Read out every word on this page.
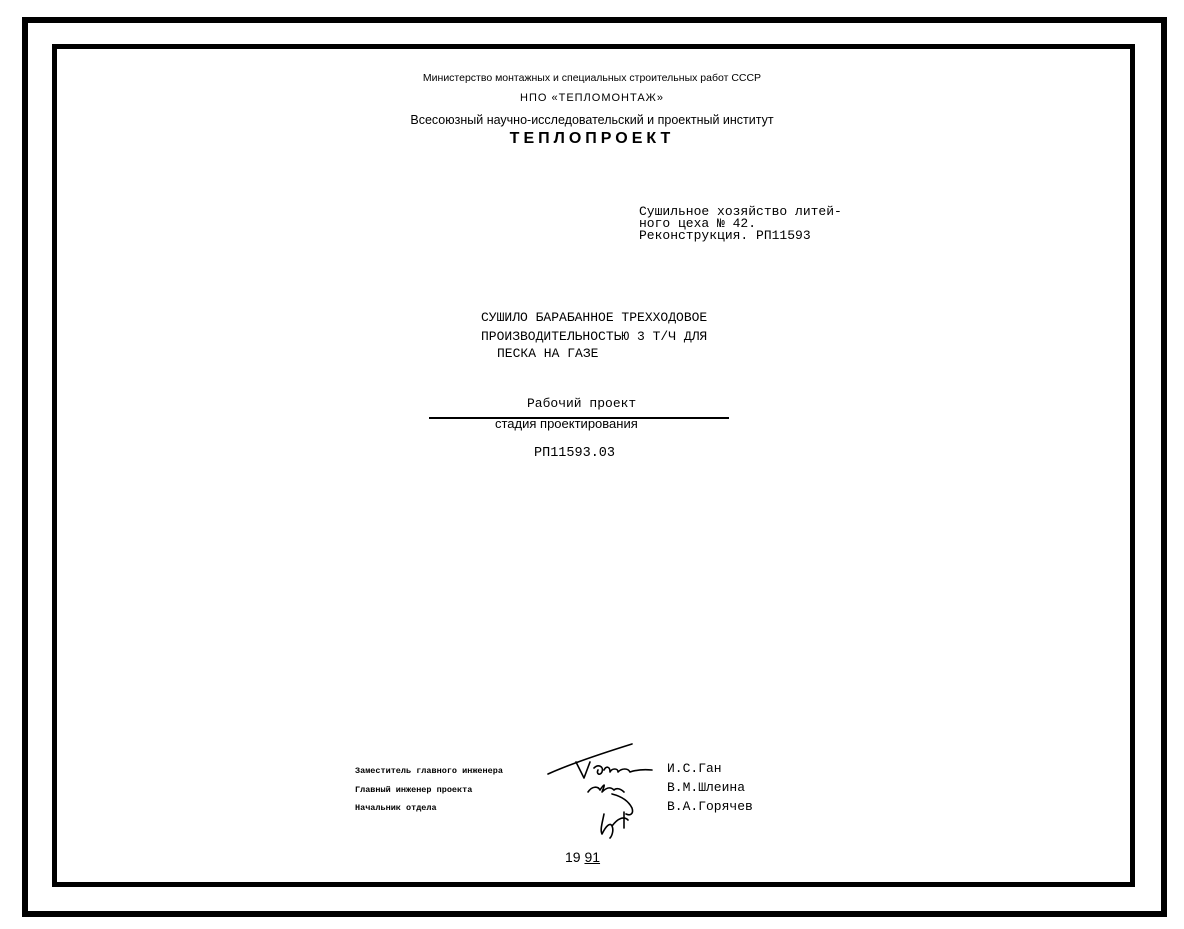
Министерство монтажных и специальных строительных работ СССР
НПО «ТЕПЛОМОНТАЖ»
Всесоюзный научно-исследовательский и проектный институт
ТЕПЛОПРОЕКТ
Сушильное хозяйство литей-
ного цеха № 42.
Реконструкция. РП11593
СУШИЛО БАРАБАННОЕ ТРЕХХОДОВОЕ
ПРОИЗВОДИТЕЛЬНОСТЬЮ 3 Т/Ч ДЛЯ
ПЕСКА НА ГАЗЕ
Рабочий проект
стадия проектирования
РП11593.03
Заместитель главного инженера
Главный инженер проекта
Начальник отдела
И.С.Ган
В.М.Шлеина
В.А.Горячев
19 91
